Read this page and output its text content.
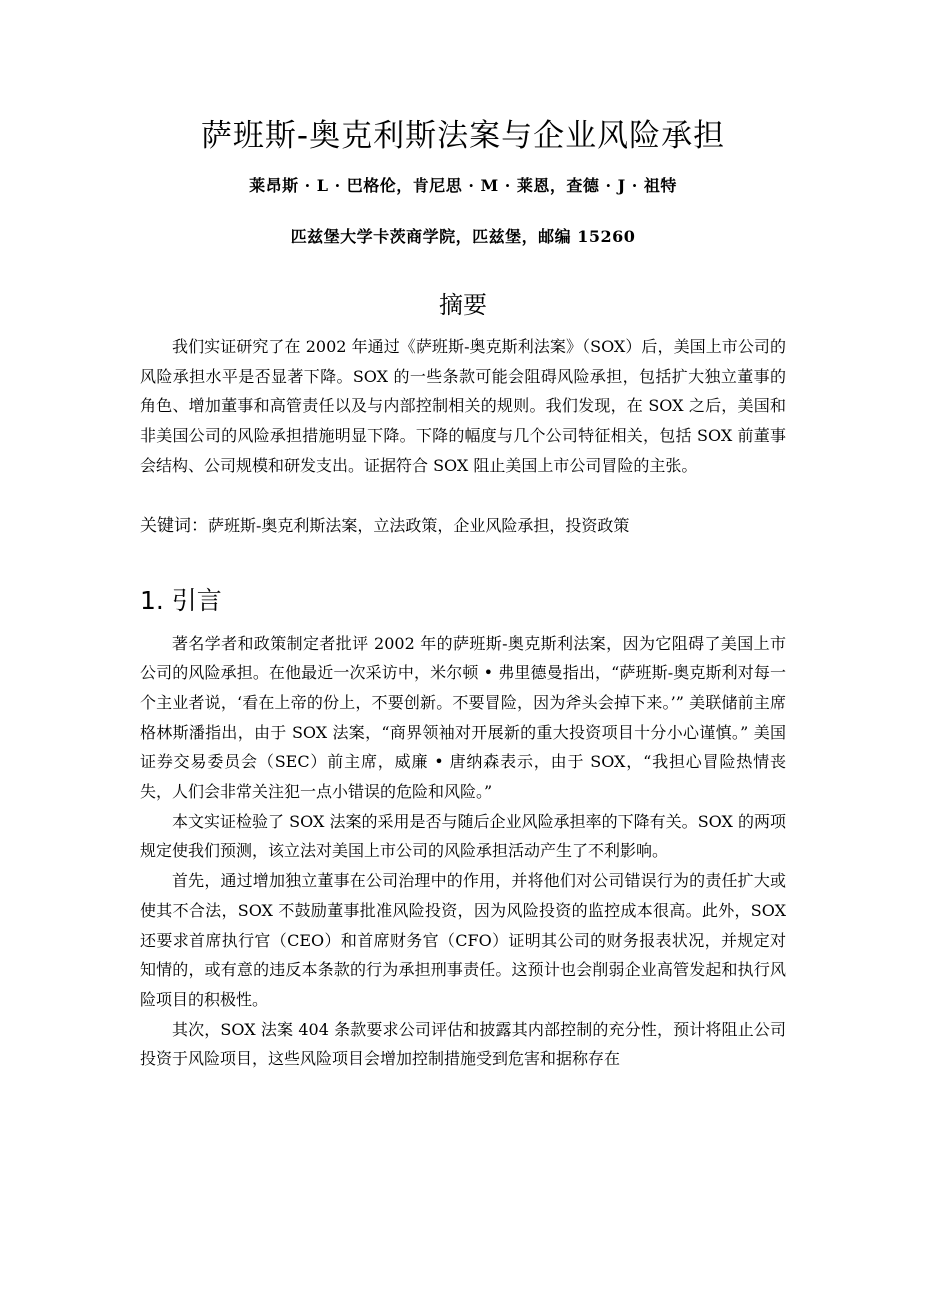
萨班斯-奥克利斯法案与企业风险承担
莱昂斯 · L · 巴格伦，肯尼思 · M · 莱恩，查德 · J · 祖特
匹兹堡大学卡茨商学院，匹兹堡，邮编 15260
摘要

我们实证研究了在 2002 年通过《萨班斯-奥克斯利法案》（SOX）后，美国上市公司的风险承担水平是否显著下降。SOX 的一些条款可能会阻碍风险承担，包括扩大独立董事的角色、增加董事和高管责任以及与内部控制相关的规则。我们发现，在 SOX 之后，美国和非美国公司的风险承担措施明显下降。下降的幅度与几个公司特征相关，包括 SOX 前董事会结构、公司规模和研发支出。证据符合 SOX 阻止美国上市公司冒险的主张。

关键词：萨班斯-奥克利斯法案，立法政策，企业风险承担，投资政策
1. 引言

著名学者和政策制定者批评 2002 年的萨班斯-奥克斯利法案，因为它阻碍了美国上市公司的风险承担。在他最近一次采访中，米尔顿 • 弗里德曼指出，“萨班斯-奥克斯利对每一个主业者说，‘看在上帝的份上，不要创新。不要冒险，因为斧头会掉下来。’” 美联储前主席格林斯潘指出，由于 SOX 法案，“商界领袖对开展新的重大投资项目十分小心谨慎。” 美国证券交易委员会（SEC）前主席，威廉 • 唐纳森表示，由于 SOX，“我担心冒险热情丧失，人们会非常关注犯一点小错误的危险和风险。”

本文实证检验了 SOX 法案的采用是否与随后企业风险承担率的下降有关。SOX 的两项规定使我们预测，该立法对美国上市公司的风险承担活动产生了不利影响。

首先，通过增加独立董事在公司治理中的作用，并将他们对公司错误行为的责任扩大或使其不合法，SOX 不鼓励董事批准风险投资，因为风险投资的监控成本很高。此外，SOX 还要求首席执行官（CEO）和首席财务官（CFO）证明其公司的财务报表状况，并规定对知情的，或有意的违反本条款的行为承担刑事责任。这预计也会削弱企业高管发起和执行风险项目的积极性。

其次，SOX 法案 404 条款要求公司评估和披露其内部控制的充分性，预计将阻止公司投资于风险项目，这些风险项目会增加控制措施受到危害和据称存在
